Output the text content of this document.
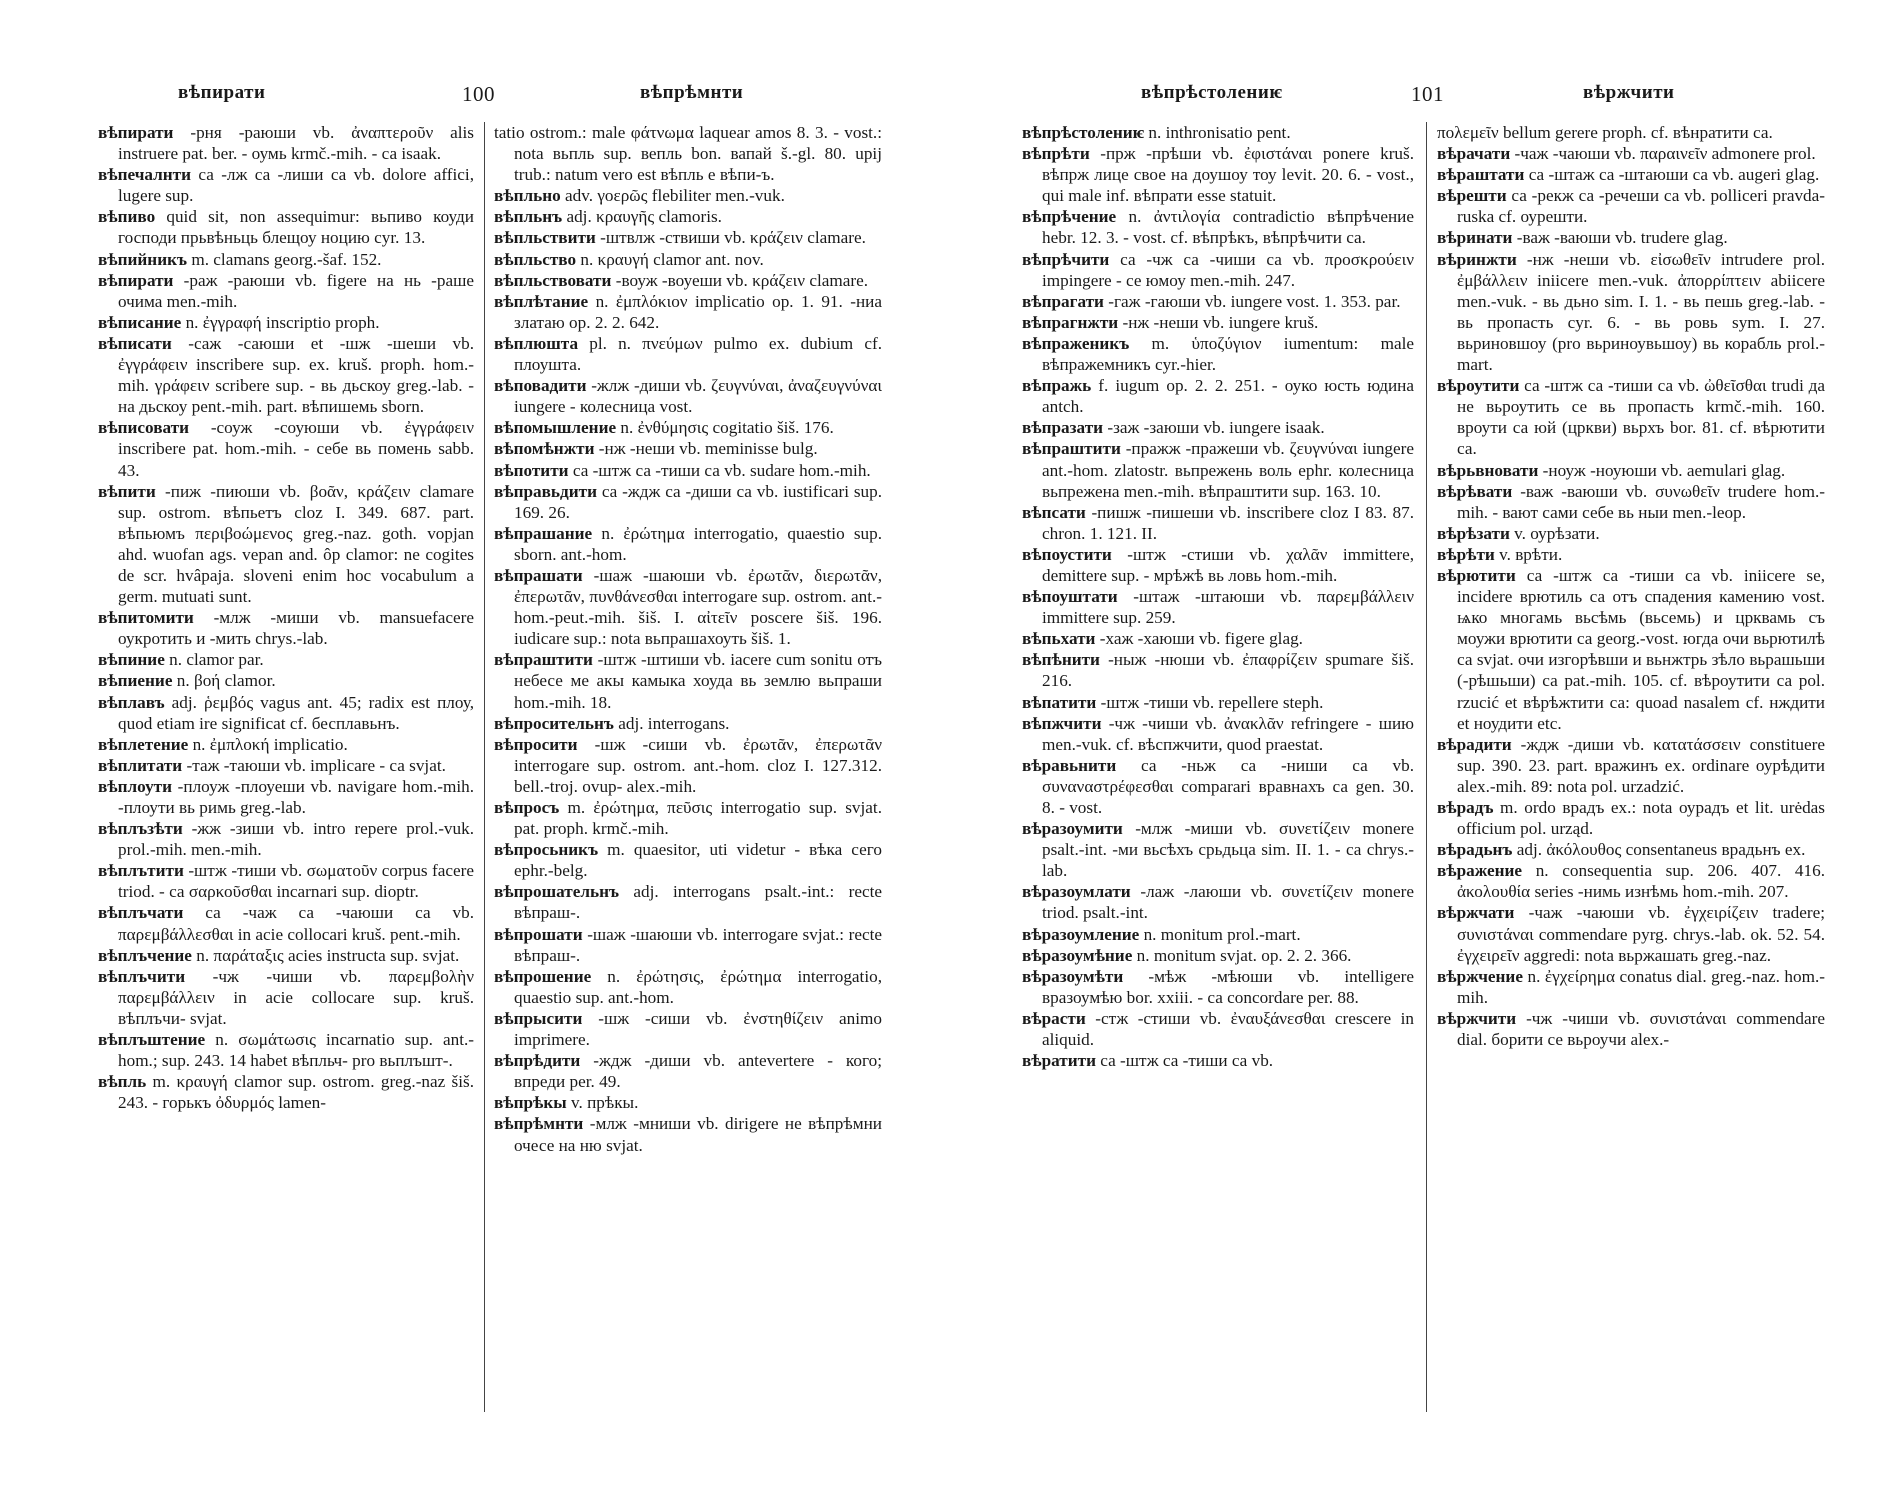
вѣпирати	100	вѣпрѣмнти

вѣпирати -рня -раюши vb. ἀναπτεροῦν alis instruere pat. ber. - оумь krmč.-mih. - са isaak.

вѣпечалнти са -лж са -лиши са vb. dolore affici, lugere sup.

вѣпиво quid sit, non assequimur: вьпиво коуди господи прьвѣньць блещоу ноцию cyr. 13.

вѣпийникъ m. clamans georg.-šaf. 152.

вѣпирати -раж -раюши vb. figere на нь -раше очима men.-mih.

вѣписание n. ἐγγραφή inscriptio proph.

вѣписати -саж -саюши et -шж -шеши vb. ἐγγράφειν inscribere sup. ex. kruš. proph. hom.-mih. γράφειν scribere sup. - вь дьскоу greg.-lab. - на дьскоу pent.-mih. part. вѣпишемь sborn.

вѣписовати -соуж -соуюши vb. ἐγγράφειν inscribere pat. hom.-mih. - себе вь помень sabb. 43.

вѣпити -пиж -пиюши vb. βοᾶν, κράζειν clamare sup. ostrom. вѣпьетъ cloz I. 349. 687. part. вѣпьюмъ περιβοώμενος greg.-naz. goth. vopjan ahd. wuofan ags. vepan and. ôp clamor: ne cogites de scr. hvâpaja. sloveni enim hoc vocabulum a germ. mutuati sunt.

вѣпитомити -млж -миши vb. mansuefacere оукротить и -мить chrys.-lab.

вѣпиние n. clamor par.

вѣпиение n. βοή clamor.

вѣплавъ adj. ῥεμβός vagus ant. 45; radix est плоу, quod etiam ire significat cf. бесплавьнъ.

вѣплетение n. ἐμπλοκή implicatio.

вѣплитати -таж -таюши vb. implicare - са svjat.

вѣплоути -плоуж -плоуеши vb. navigare hom.-mih. -плоути вь римь greg.-lab.

вѣплъзѣти -жж -зиши vb. intro repere prol.-vuk. prol.-mih. men.-mih.

вѣплътити -штж -тиши vb. σωματοῦν corpus facere triod. - са σαρκοῦσθαι incarnari sup. dioptr.

вѣплъчати са -чаж са -чаюши са vb. παρεμβάλλεσθαι in acie collocari kruš. pent.-mih.

вѣплъчение n. παράταξις acies instructa sup. svjat.

вѣплъчити -чж -чиши vb. παρεμβολὴν παρεμβάλλειν in acie collocare sup. kruš. вѣплъчи- svjat.

вѣплъштение n. σωμάτωσις incarnatio sup. ant.-hom.; sup. 243. 14 habet вѣпльч- pro вьплъшт-.

вѣпль m. κραυγή clamor sup. ostrom. greg.-naz šiš. 243. - горькъ ὀδυρμός lamen-

tatio ostrom.: male φάτνωμα laquear amos 8. 3. - vost.: nota вьпль sup. вепль bon. вапай š.-gl. 80. upij trub.: natum vero est вѣпль е вѣпи-ъ.

вѣпльно adv. γοερῶς flebiliter men.-vuk.

вѣпльнъ adj. κραυγῆς clamoris.

вѣпльствити -штвлж -ствиши vb. κράζειν clamare.

вѣпльство n. κραυγή clamor ant. nov.

вѣпльствовати -воуж -воуеши vb. κράζειν clamare.

вѣплѣтание n. ἐμπλόκιον implicatio op. 1. 91. -ниа златаю op. 2. 2. 642.

вѣплюшта pl. n. πνεύμων pulmo ex. dubium cf. плоушта.

вѣповадити -жлж -диши vb. ζευγνύναι, ἀναζευγνύναι iungere - колесница vost.

вѣпомышление n. ἐνθύμησις cogitatio šiš. 176.

вѣпомѣнжти -нж -неши vb. meminisse bulg.

вѣпотити са -штж са -тиши са vb. sudare hom.-mih.

вѣправьдити са -ждж са -диши са vb. iustificari sup. 169. 26.

вѣпрашание n. ἐρώτημα interrogatio, quaestio sup. sborn. ant.-hom.

вѣпрашати -шаж -шаюши vb. ἐρωτᾶν, διερωτᾶν, ἐπερωτᾶν, πυνθάνεσθαι interrogare sup. ostrom. ant.-hom.-peut.-mih. šiš. I. αἰτεῖν poscere šiš. 196. iudicare sup.: nota вьпрашахоуть šiš. 1.

вѣпраштити -штж -штиши vb. iacere cum sonitu отъ небесе ме акы камыка хоуда вь землю вьпраши hom.-mih. 18.

вѣпросительнъ adj. interrogans.

вѣпросити -шж -сиши vb. ἐρωτᾶν, ἐπερωτᾶν interrogare sup. ostrom. ant.-hom. cloz I. 127.312. bell.-troj. ovup- alex.-mih.

вѣпросъ m. ἐρώτημα, πεῦσις interrogatio sup. svjat. pat. proph. krmč.-mih.

вѣпросьникъ m. quaesitor, uti videtur - вѣка сего ephr.-belg.

вѣпрошательнъ adj. interrogans psalt.-int.: recte вѣпраш-.

вѣпрошати -шаж -шаюши vb. interrogare svjat.: recte вѣпраш-.

вѣпрошение n. ἐρώτησις, ἐρώτημα interrogatio, quaestio sup. ant.-hom.

вѣпрысити -шж -сиши vb. ἐνστηθίζειν animo imprimere.

вѣпрѣдити -ждж -диши vb. antevertere - кого; впреди per. 49.

вѣпрѣкы v. прѣкы.

вѣпрѣмнти -млж -мниши vb. dirigere не вѣпрѣмни очесе на ню svjat.

вѣпрѣстолениѥ	101	вѣржчити

вѣпрѣстолениѥ n. inthronisatio pent.

вѣпрѣти -прж -прѣши vb. ἐφιστάναι ponere kruš. вѣпрж лице свое на доушоу тоу levit. 20. 6. - vost., qui male inf. вѣпрати esse statuit.

вѣпрѣчение n. ἀντιλογία contradictio вѣпрѣчение hebr. 12. 3. - vost. cf. вѣпрѣкъ, вѣпрѣчити са.

вѣпрѣчити са -чж са -чиши са vb. προσκρούειν impingere - се юмоу men.-mih. 247.

вѣпрагати -гаж -гаюши vb. iungere vost. 1. 353. par.

вѣпрагнжти -нж -неши vb. iungere kruš.

вѣпраженикъ m. ὑποζύγιον iumentum: male вѣпражемникъ cyr.-hier.

вѣпражь f. iugum op. 2. 2. 251. - оуко юсть юдина antch.

вѣпразати -заж -заюши vb. iungere isaak.

вѣпраштити -пражж -пражеши vb. ζευγνύναι iungere ant.-hom. zlatostr. вьпрежень воль ephr. колесница вьпрежена men.-mih. вѣпраштити sup. 163. 10.

вѣпсати -пишж -пишеши vb. inscribere cloz I 83. 87. chron. 1. 121. II.

вѣпоустити -штж -стиши vb. χαλᾶν immittere, demittere sup. - мрѣжѣ вь ловь hom.-mih.

вѣпоуштати -штаж -штаюши vb. παρεμβάλλειν immittere sup. 259.

вѣпьхати -хаж -хаюши vb. figere glag.

вѣпѣнити -ныж -нюши vb. ἐπαφρίζειν spumare šiš. 216.

вѣпатити -штж -тиши vb. repellere steph.

вѣпжчити -чж -чиши vb. ἀνακλᾶν refringere - шию men.-vuk. cf. вѣспжчити, quod praestat.

вѣравьнити са -ньж са -ниши са vb. συναναστρέφεσθαι comparari вравнахъ са gen. 30. 8. - vost.

вѣразоумити -млж -миши vb. συνετίζειν monere psalt.-int. -ми вьсѣхъ срьдьца sim. II. 1. - са chrys.-lab.

вѣразоумлати -лаж -лаюши vb. συνετίζειν monere triod. psalt.-int.

вѣразоумление n. monitum prol.-mart.

вѣразоумѣние n. monitum svjat. op. 2. 2. 366.

вѣразоумѣти -мѣж -мѣюши vb. intelligere вразоумѣю bor. xxiii. - са concordare per. 88.

вѣрасти -стж -стиши vb. ἐναυξάνεσθαι crescere in aliquid.

вѣратити са -штж са -тиши са vb.

πολεμεῖν bellum gerere proph. cf. вѣнратити са.

вѣрачати -чаж -чаюши vb. παραινεῖν admonere prol.

вѣраштати са -штаж са -штаюши са vb. augeri glag.

вѣрешти са -рекж са -речеши са vb. polliceri pravda-ruska cf. оурешти.

вѣринати -важ -ваюши vb. trudere glag.

вѣринжти -нж -неши vb. εἰσωθεῖν intrudere prol. ἐμβάλλειν iniicere men.-vuk. ἀπορρίπτειν abiicere men.-vuk. - вь дьно sim. I. 1. - вь пешь greg.-lab. - вь пропасть cyr. 6. - вь ровь sym. I. 27. вьриновшоу (pro вьриноувьшоу) вь корабль prol.-mart.

вѣроутити са -штж са -тиши са vb. ὠθεῖσθαι trudi да не вьроутить се вь пропасть krmč.-mih. 160. вроути са юй (цркви) вьрхъ bor. 81. cf. вѣрютити са.

вѣрьвновати -ноуж -ноуюши vb. aemulari glag.

вѣрѣвати -важ -ваюши vb. συνωθεῖν trudere hom.-mih. - вают сами себе вь ныи men.-leop.

вѣрѣзати v. оурѣзати.

вѣрѣти v. врѣти.

вѣрютити са -штж са -тиши са vb. iniicere se, incidere врютиль са отъ спадения камению vost. ѩко многамь вьсѣмь (вьсемь) и црквамь съ моужи врютити са georg.-vost. югда очи вьрютилѣ са svjat. очи изгорѣвши и вьнжтрь зѣло вьрашьши (-рѣшьши) са pat.-mih. 105. cf. вѣроутити са pol. rzucić et вѣрѣжтити са: quoad nasalem cf. нждити et ноудити etc.

вѣрадити -ждж -диши vb. κατατάσσειν constituere sup. 390. 23. part. вражинъ ex. ordinare оурѣдити alex.-mih. 89: nota pol. urzadzić.

вѣрадъ m. ordo врадъ ex.: nota оурадъ et lit. urėdas officium pol. urząd.

вѣрадьнъ adj. ἀκόλουθος consentaneus врадьнъ ex.

вѣражение n. consequentia sup. 206. 407. 416. ἀκολουθία series -нимь изнѣмь hom.-mih. 207.

вѣржчати -чаж -чаюши vb. ἐγχειρίζειν tradere; συνιστάναι commendare pyrg. chrys.-lab. ok. 52. 54. ἐγχειρεῖν aggredi: nota вьржашать greg.-naz.

вѣржчение n. ἐγχείρημα conatus dial. greg.-naz. hom.-mih.

вѣржчити -чж -чиши vb. συνιστάναι commendare dial. борити се вьроучи alex.-
